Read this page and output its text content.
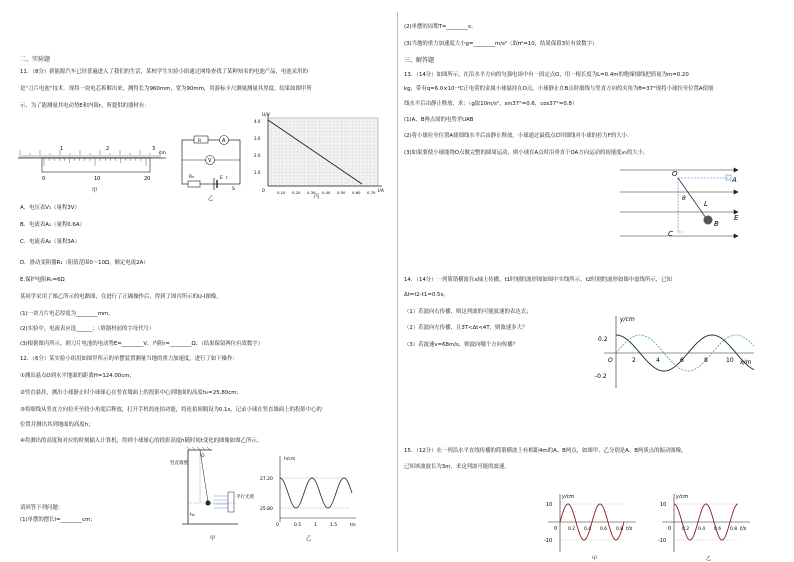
二、实验题
11．（8分）新能源汽车已经普遍进入了我们的生活，某校学生实验小组通过网络查找了某种知名的电池产品，电池采用的
是“刀片电池”技术．现将一块电芯拆解出来，测得长为960mm，宽为90mm，用游标卡尺测量测量其厚度，结果如图甲所
示，为了能测量其电动势E和内阻r，所提供的器材有：
1	2	3
cm
0	10	20
甲
R	A
V
R₀	E r
S
乙
U/V
I/A
0
4.0
3.0
2.0
1.0
0.10 0.20 0.30 0.40 0.50 0.60 0.70
丙
A．电压表V₁（量程3V）
B．电流表A₁（量程0.6A）
C．电流表A₂（量程3A）
D．滑动变阻器R₁（阻值范围0～10Ω，额定电流2A）
E.保护电阻R₀=6Ω
某同学采用了图乙所示的电路图，在进行了正确操作后，得到了图丙所示的U-I图像。
(1)一块刀片电芯厚度为________mm。
(2)实验中，电流表应选______；（填器材前的字母代号）
(3)根据图丙所示，则刀片电池的电动势E=________V，内阻r=________Ω；（结果保留两位有效数字）
12．（6分）某实验小组用如图甲所示的单摆装置测量当地的重力加速度，进行了如下操作：
①测出悬点O到水平地面的距离H=124.00cm；
②竖直悬挂，测出小球静止时小球球心在竖直墙面上的投影中心到地面的高度h₀=25.80cm；
③将细线从竖直方向拉开至较小角度后释放，打开手机的连拍功能，将连拍间隔设为0.1s，记录小球在竖直墙面上的投影中心的
位置并测出其到地面的高度h；
④将测出的高度和对应的时刻输入计算机，得到小球球心的投影高度h随时间t变化的图像如图乙所示。
竖直墙壁
平行光照
O
h₀
甲
h/cm
t/s
27.20
25.80
0	0.5	1	1.5
乙
请回答下列问题：
(1)单摆的摆长l=________cm；
(2)单摆的周期T=________s；
(3)当地的重力加速度大小g=________m/s²（取π²=10，结果保留3位有效数字）
三、解答题
13．（14分）如图所示，在沿水平方向的匀强电场中有一固定点O，用一根长度为L=0.4m的绝缘细线把质量为m=0.20
kg，带有q=6.0×10⁻⁴C正电荷的金属小球悬挂在O点，小球静止在B点时细线与竖直方向的夹角为θ=37°现将小球拉至位置A使细
线水平后由静止释放，求：（g取10m/s²，sin37°=0.6，cos37°=0.8）
(1)A、B两点间的电势差UAB
(2)将小球拉至位置A使细线水平后由静止释放，小球通过最低点C时细线对小球的拉力F的大小.
(3)如果要使小球能绕O点做完整的圆周运动，则小球在A点时沿垂直于OA方向运动的初速度v₀的大小。
O
A
B
C
L
E
θ
14．（14分）一列简谐横波在x轴上传播，t1时刻的波形图如图中实线所示，t2时刻的波形如图中虚线所示，已知
Δt=t2-t1=0.5s。
（1）若波向右传播，则这列波的可能波速的表达式；
（2）若波向左传播，且3T<Δt<4T，则波速多大？
（3）若波速v=68m/s，则波向哪个方向传播？
y/cm
x/m
0.2
-0.2
O	2	4	6	8	10
15．（12分）在一列沿水平直线传播的简谐横波上有相距4m的A、B两点，如图甲、乙分别是A、B两质点的振动图像，
已知该波波长为3m，求这列波可能的波速。
y/cm
t/s
10
-10
0 0.2 0.4 0.6 0.8
甲
y/cm
t/s
10
-10
0 0.2 0.4 0.6 0.8
乙
